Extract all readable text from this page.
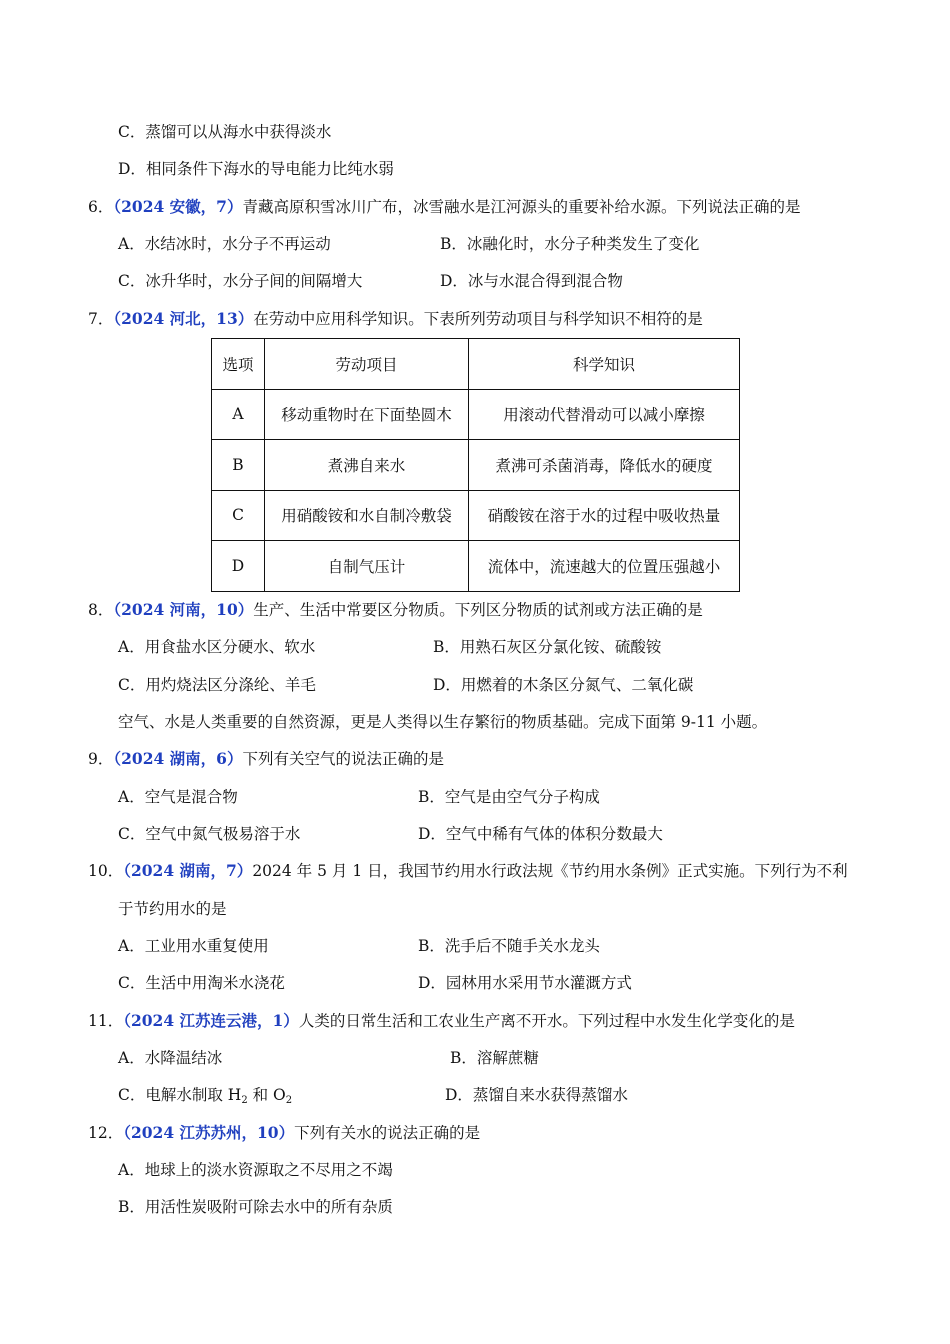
C．蒸馏可以从海水中获得淡水
D．相同条件下海水的导电能力比纯水弱
6．（2024 安徽，7）青藏高原积雪冰川广布，冰雪融水是江河源头的重要补给水源。下列说法正确的是
A．水结冰时，水分子不再运动	B．冰融化时，水分子种类发生了变化
C．冰升华时，水分子间的间隔增大	D．冰与水混合得到混合物
7．（2024 河北，13）在劳动中应用科学知识。下表所列劳动项目与科学知识不相符的是
选项	劳动项目	科学知识
A	移动重物时在下面垫圆木	用滚动代替滑动可以减小摩擦
B	煮沸自来水	煮沸可杀菌消毒，降低水的硬度
C	用硝酸铵和水自制冷敷袋	硝酸铵在溶于水的过程中吸收热量
D	自制气压计	流体中，流速越大的位置压强越小
8．（2024 河南，10）生产、生活中常要区分物质。下列区分物质的试剂或方法正确的是
A．用食盐水区分硬水、软水	B．用熟石灰区分氯化铵、硫酸铵
C．用灼烧法区分涤纶、羊毛	D．用燃着的木条区分氮气、二氧化碳
空气、水是人类重要的自然资源，更是人类得以生存繁衍的物质基础。完成下面第 9-11 小题。
9．（2024 湖南，6）下列有关空气的说法正确的是
A．空气是混合物	B．空气是由空气分子构成
C．空气中氮气极易溶于水	D．空气中稀有气体的体积分数最大
10．（2024 湖南，7）2024 年 5 月 1 日，我国节约用水行政法规《节约用水条例》正式实施。下列行为不利
于节约用水的是
A．工业用水重复使用	B．洗手后不随手关水龙头
C．生活中用淘米水浇花	D．园林用水采用节水灌溉方式
11．（2024 江苏连云港，1）人类的日常生活和工农业生产离不开水。下列过程中水发生化学变化的是
A．水降温结冰	B．溶解蔗糖
C．电解水制取 $H_2$ 和 $O_2$	D．蒸馏自来水获得蒸馏水
12．（2024 江苏苏州，10）下列有关水的说法正确的是
A．地球上的淡水资源取之不尽用之不竭
B．用活性炭吸附可除去水中的所有杂质
